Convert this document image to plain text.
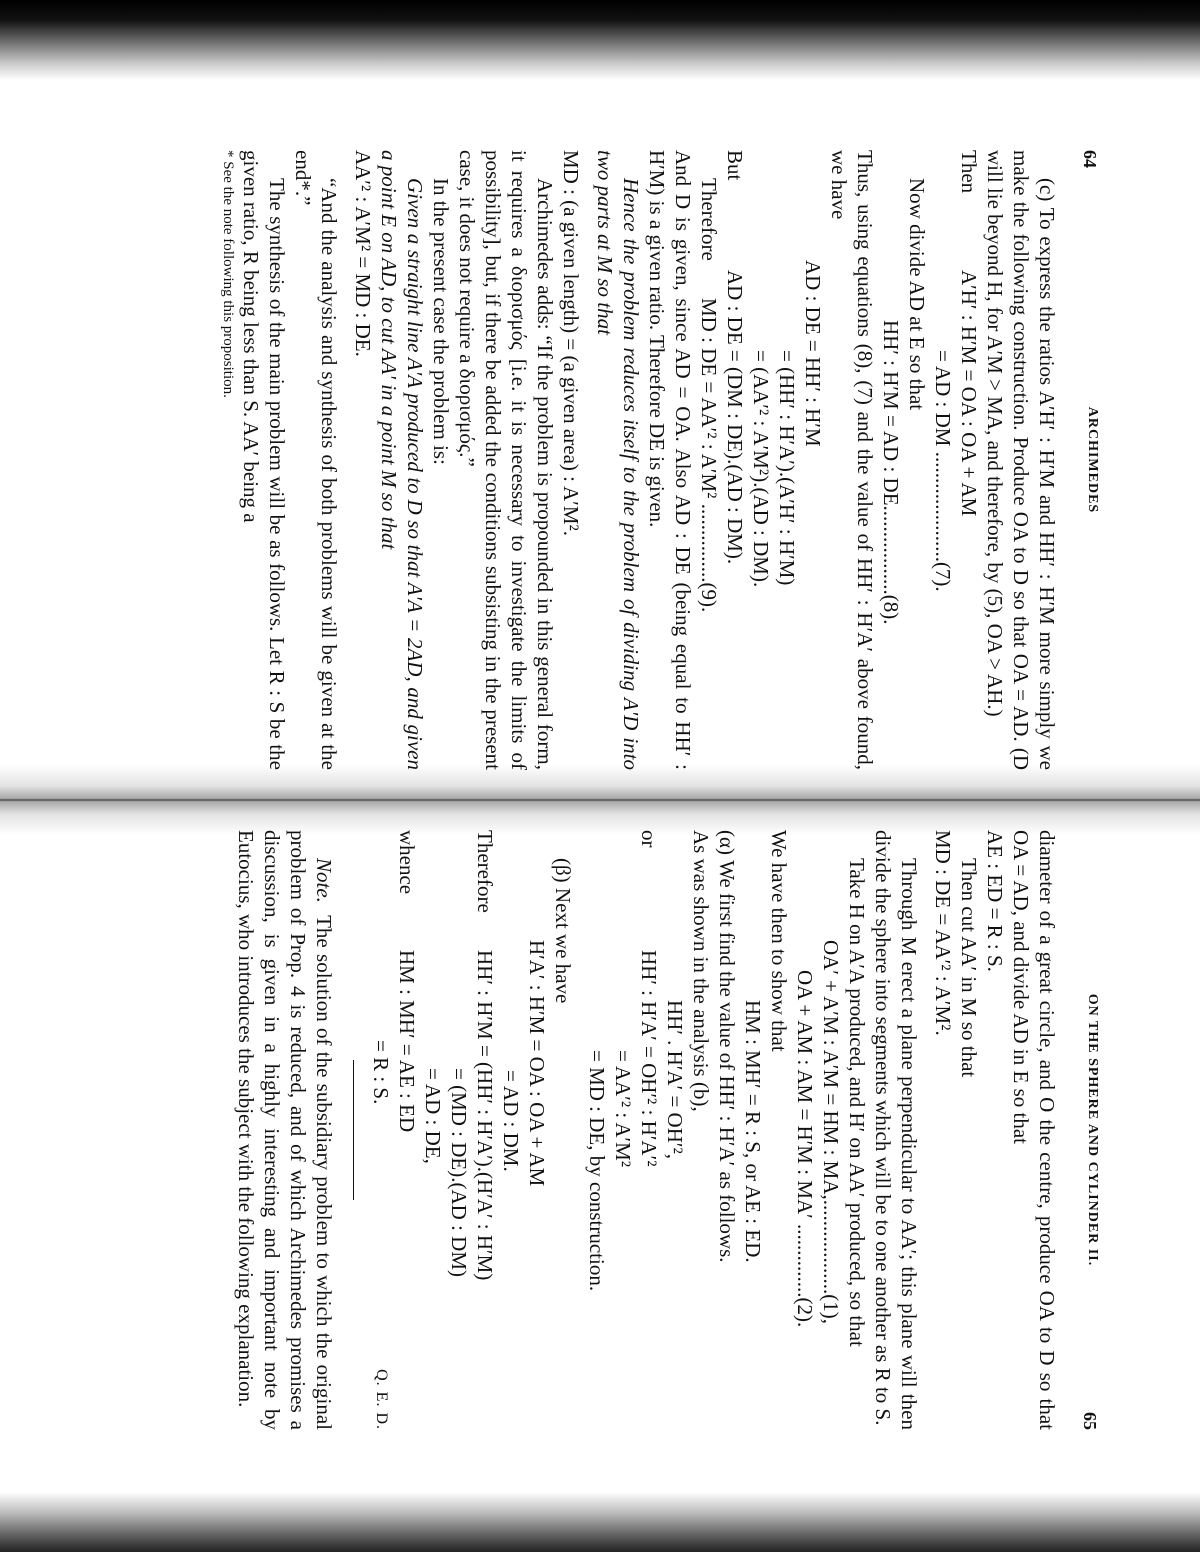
64
ARCHIMEDES

(c) To express the ratios A′H′ : H′M and HH′ : H′M more simply we make the following construction. Produce OA to D so that OA = AD. (D will lie beyond H, for A′M > MA, and therefore, by (5), OA > AH.)

ThenA′H′ : H′M = OA : OA + AM

= AD : DM .....................(7).

Now divide AD at E so that

HH′ : H′M = AD : DE.................(8).

Thus, using equations (8), (7) and the value of HH′ : H′A′ above found, we have

AD : DE = HH′ : H′M

= (HH′ : H′A′).(A′H′ : H′M)

= (AA′² : A′M²).(AD : DM).

ButAD : DE = (DM : DE).(AD : DM).

ThereforeMD : DE = AA′² : A′M² ...............(9).

And D is given, since AD = OA. Also AD : DE (being equal to HH′ : H′M) is a given ratio. Therefore DE is given.

Hence the problem reduces itself to the problem of dividing A′D into two parts at M so that

MD : (a given length) = (a given area) : A′M².

Archimedes adds: “If the problem is propounded in this general form, it requires a διορισμός [i.e. it is necessary to investigate the limits of possibility], but, if there be added the conditions subsisting in the present case, it does not require a διορισμός.”

In the present case the problem is:

Given a straight line A′A produced to D so that A′A = 2AD, and given a point E on AD, to cut AA′ in a point M so that

AA′² : A′M² = MD : DE.

“And the analysis and synthesis of both problems will be given at the end*.”

The synthesis of the main problem will be as follows. Let R : S be the given ratio, R being less than S. AA′ being a

* See the note following this proposition.

ON THE SPHERE AND CYLINDER II.
65

diameter of a great circle, and O the centre, produce OA to D so that OA = AD, and divide AD in E so that

AE : ED = R : S.

Then cut AA′ in M so that

MD : DE = AA′² : A′M².

Through M erect a plane perpendicular to AA′; this plane will then divide the sphere into segments which will be to one another as R to S.

Take H on A′A produced, and H′ on AA′ produced, so that

OA′ + A′M : A′M = HM : MA,..................(1),

OA + AM : AM = H′M : MA′ ..............(2).

We have then to show that

HM : MH′ = R : S, or AE : ED.

(α) We first find the value of HH′ : H′A′ as follows.

As was shown in the analysis (b),

HH′ . H′A′ = OH′²,

orHH′ : H′A′ = OH′² : H′A′²

= AA′² : A′M²

= MD : DE, by construction.

(β) Next we have

H′A′ : H′M = OA : OA + AM

= AD : DM.

ThereforeHH′ : H′M = (HH′ : H′A′).(H′A′ : H′M)

= (MD : DE).(AD : DM)

= AD : DE,

whenceHM : MH′ = AE : ED

= R : S.
Q. E. D.

Note.  The solution of the subsidiary problem to which the original problem of Prop. 4 is reduced, and of which Archimedes promises a discussion, is given in a highly interesting and important note by Eutocius, who introduces the subject with the following explanation.
